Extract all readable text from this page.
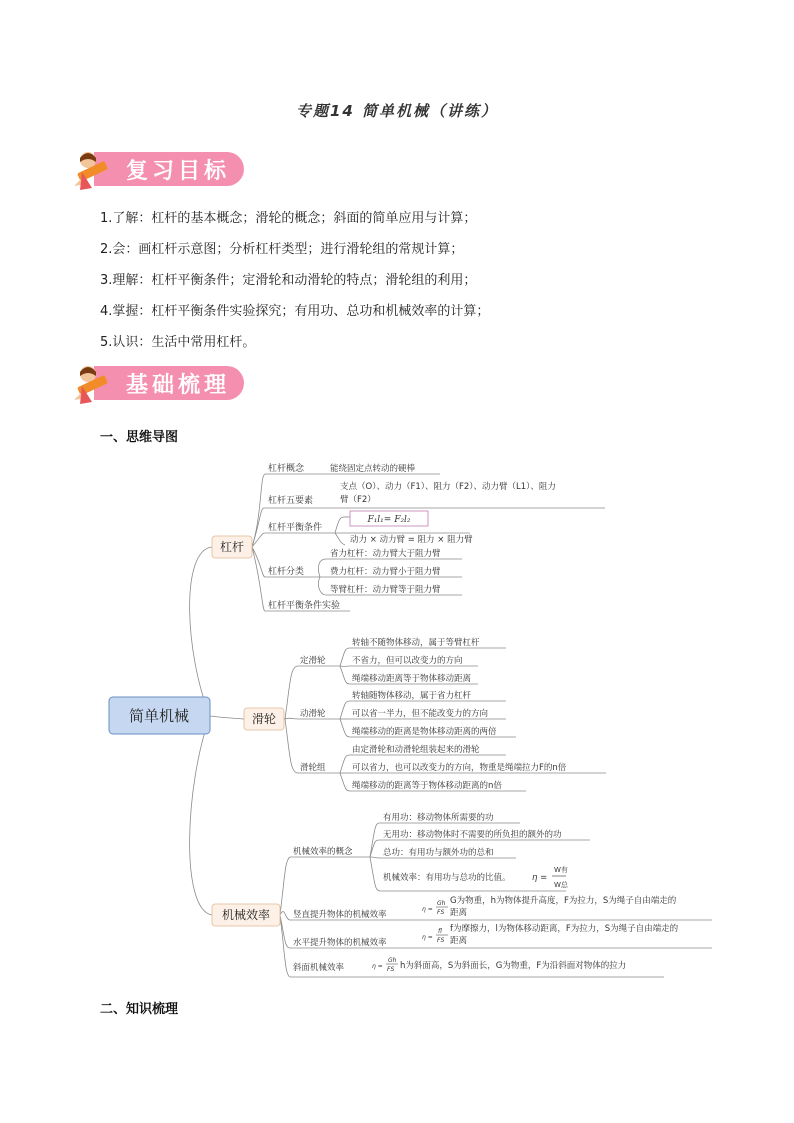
专题14 简单机械（讲练）
复习目标
1.了解：杠杆的基本概念；滑轮的概念；斜面的简单应用与计算；
2.会：画杠杆示意图；分析杠杆类型；进行滑轮组的常规计算；
3.理解：杠杆平衡条件；定滑轮和动滑轮的特点；滑轮组的利用；
4.掌握：杠杆平衡条件实验探究；有用功、总功和机械效率的计算；
5.认识：生活中常用杠杆。
基础梳理
一、思维导图
简单机械
杠杆
滑轮
机械效率
杠杆概念	能绕固定点转动的硬棒
杠杆五要素
支点（O）、动力（F1）、阻力（F2）、动力臂（L1）、阻力
臂（F2）
杠杆平衡条件
F₁l₁= F₂l₂
动力 × 动力臂 = 阻力 × 阻力臂
杠杆分类
省力杠杆：动力臂大于阻力臂
费力杠杆：动力臂小于阻力臂
等臂杠杆：动力臂等于阻力臂
杠杆平衡条件实验
定滑轮
转轴不随物体移动，属于等臂杠杆
不省力，但可以改变力的方向
绳端移动距离等于物体移动距离
动滑轮
转轴随物体移动，属于省力杠杆
可以省一半力，但不能改变力的方向
绳端移动的距离是物体移动距离的两倍
滑轮组
由定滑轮和动滑轮组装起来的滑轮
可以省力，也可以改变力的方向，物重是绳端拉力F的n倍
绳端移动的距离等于物体移动距离的n倍
机械效率的概念
有用功：移动物体所需要的功
无用功：移动物体时不需要的所负担的额外的功
总功：有用功与额外功的总和
机械效率：有用功与总功的比值。	η =
W有
W总
竖直提升物体的机械效率
η =
Gh
FS
G为物重，h为物体提升高度，F为拉力，S为绳子自由端走的
距离
水平提升物体的机械效率
η =
fl
FS
f为摩擦力，l为物体移动距离，F为拉力，S为绳子自由端走的
距离
斜面机械效率	η =
Gh
FS h为斜面高，S为斜面长，G为物重，F为沿斜面对物体的拉力
二、知识梳理
